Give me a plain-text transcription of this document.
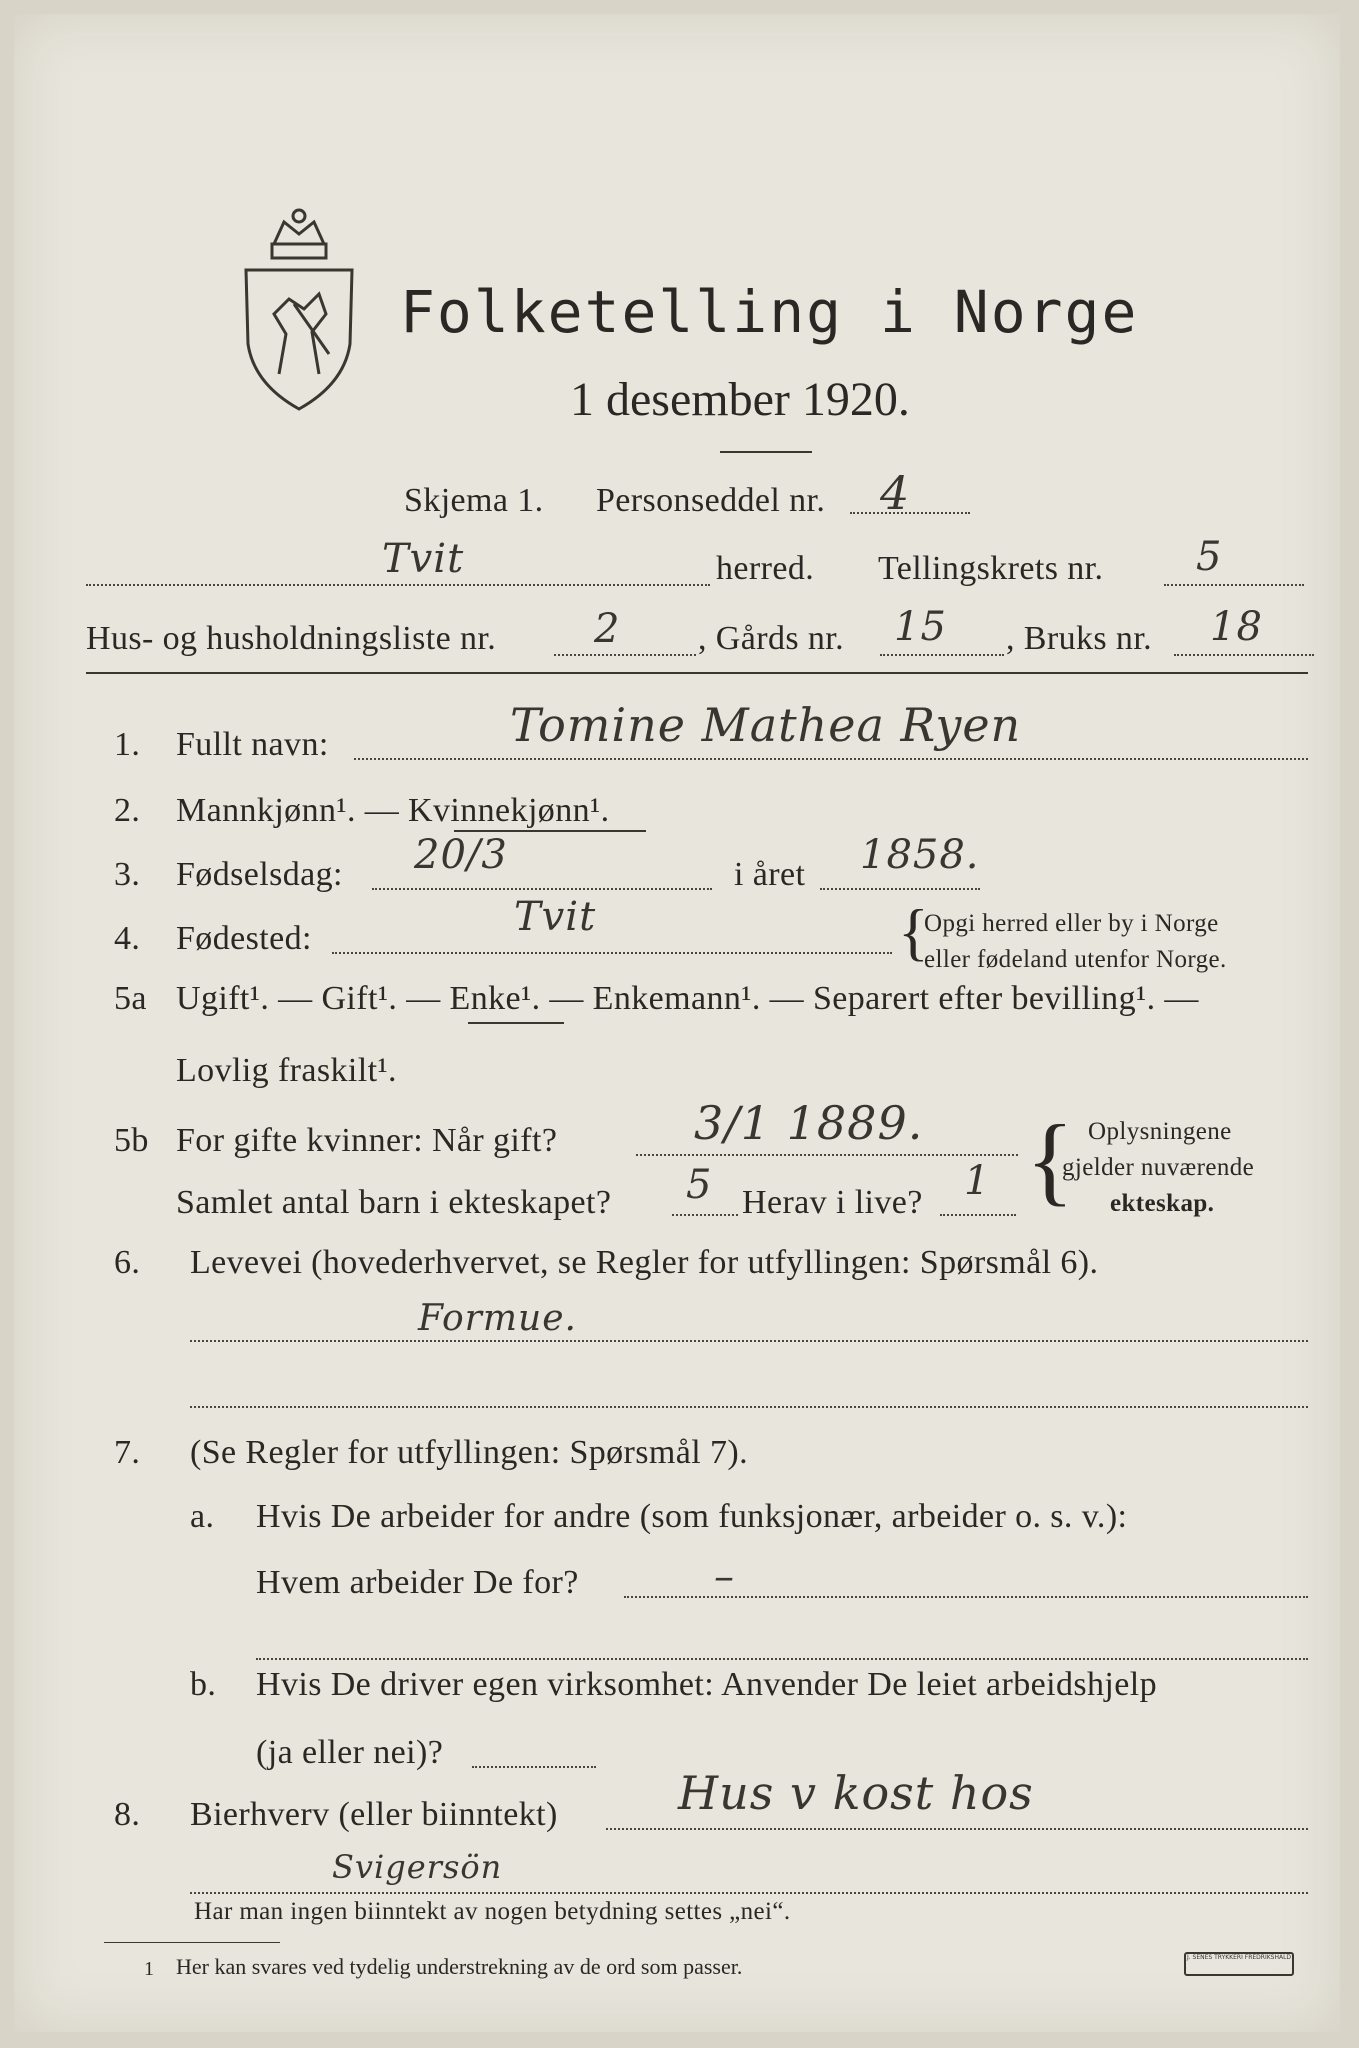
Folketelling i Norge
1 desember 1920.
Skjema 1. Personseddel nr. 4
Tvit	herred. Tellingskrets nr. 5
Hus- og husholdningsliste nr. 2 , Gårds nr. 15 , Bruks nr. 18
1. Fullt navn:	Tomine Mathea Ryen
2. Mannkjønn¹. — Kvinnekjønn¹.
3. Fødselsdag: 20/3	i året 1858.
4. Fødested:	Tvit	{
Opgi herred eller by i Norge
eller fødeland utenfor Norge.
5a Ugift¹. — Gift¹. — Enke¹. — Enkemann¹. — Separert efter bevilling¹. —
Lovlig fraskilt¹.
5b For gifte kvinner: Når gift?	3/1 1889.
Samlet antal barn i ekteskapet? 5 Herav i live? 1 { Oplysningene
gjelder nuværende
ekteskap.
6. Levevei (hovederhvervet, se Regler for utfyllingen: Spørsmål 6).
Formue.
7. (Se Regler for utfyllingen: Spørsmål 7).
a. Hvis De arbeider for andre (som funksjonær, arbeider o. s. v.):
Hvem arbeider De for?	–
b. Hvis De driver egen virksomhet: Anvender De leiet arbeidshjelp
(ja eller nei)?
8. Bierhverv (eller biinntekt)	Hus v kost hos
Svigersön
Har man ingen biinntekt av nogen betydning settes „nei“.
1 Her kan svares ved tydelig understrekning av de ord som passer.	J. SENES TRYKKERI FREDRIKSHALD
